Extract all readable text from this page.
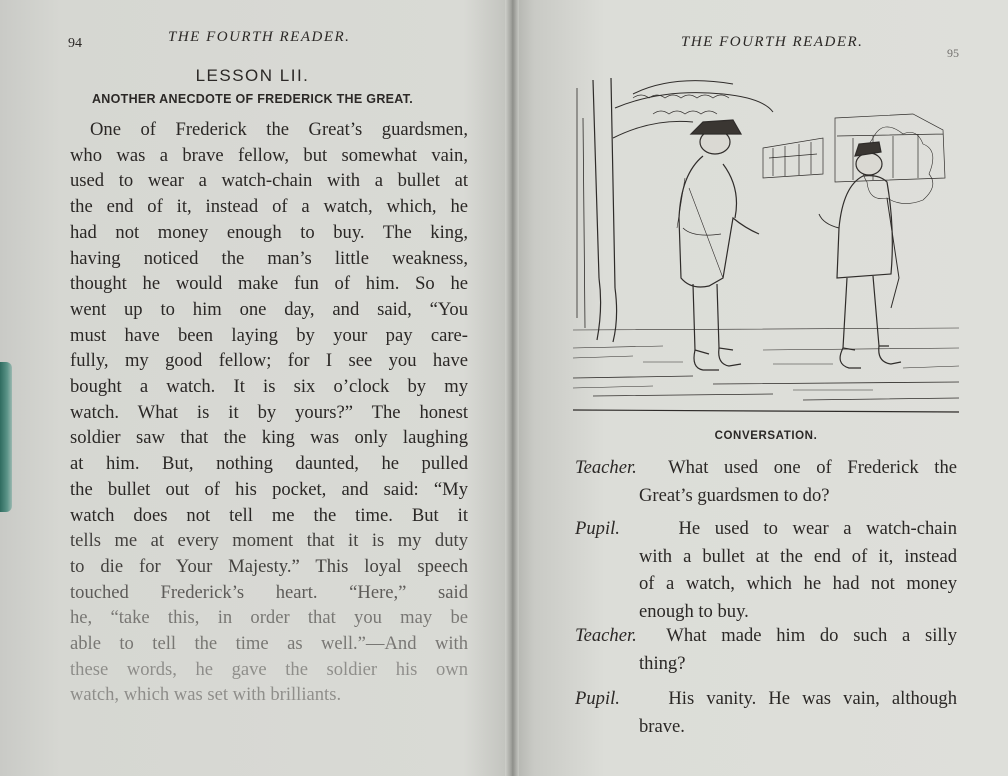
94	THE FOURTH READER.
LESSON LII.
ANOTHER ANECDOTE OF FREDERICK THE GREAT.

One of Frederick the Great’s guardsmen,
who was a brave fellow, but somewhat vain,
used to wear a watch-chain with a bullet at
the end of it, instead of a watch, which, he
had not money enough to buy. The king,
having noticed the man’s little weakness,
thought he would make fun of him. So he
went up to him one day, and said, “You
must have been laying by your pay care-
fully, my good fellow; for I see you have
bought a watch. It is six o’clock by my
watch. What is it by yours?” The honest
soldier saw that the king was only laughing
at him. But, nothing daunted, he pulled
the bullet out of his pocket, and said: “My
watch does not tell me the time. But it
tells me at every moment that it is my duty
to die for Your Majesty.” This loyal speech
touched Frederick’s heart. “Here,” said
he, “take this, in order that you may be
able to tell the time as well.”—And with
these words, he gave the soldier his own
watch, which was set with brilliants.

THE FOURTH READER.
95
CONVERSATION.
Teacher. What used one of Frederick the
Great’s guardsmen to do?
Pupil.	He used to wear a watch-chain
with a bullet at the end of it, instead
of a watch, which he had not money
enough to buy.
Teacher. What made him do such a silly
thing?
Pupil.	His vanity. He was vain, although
brave.
